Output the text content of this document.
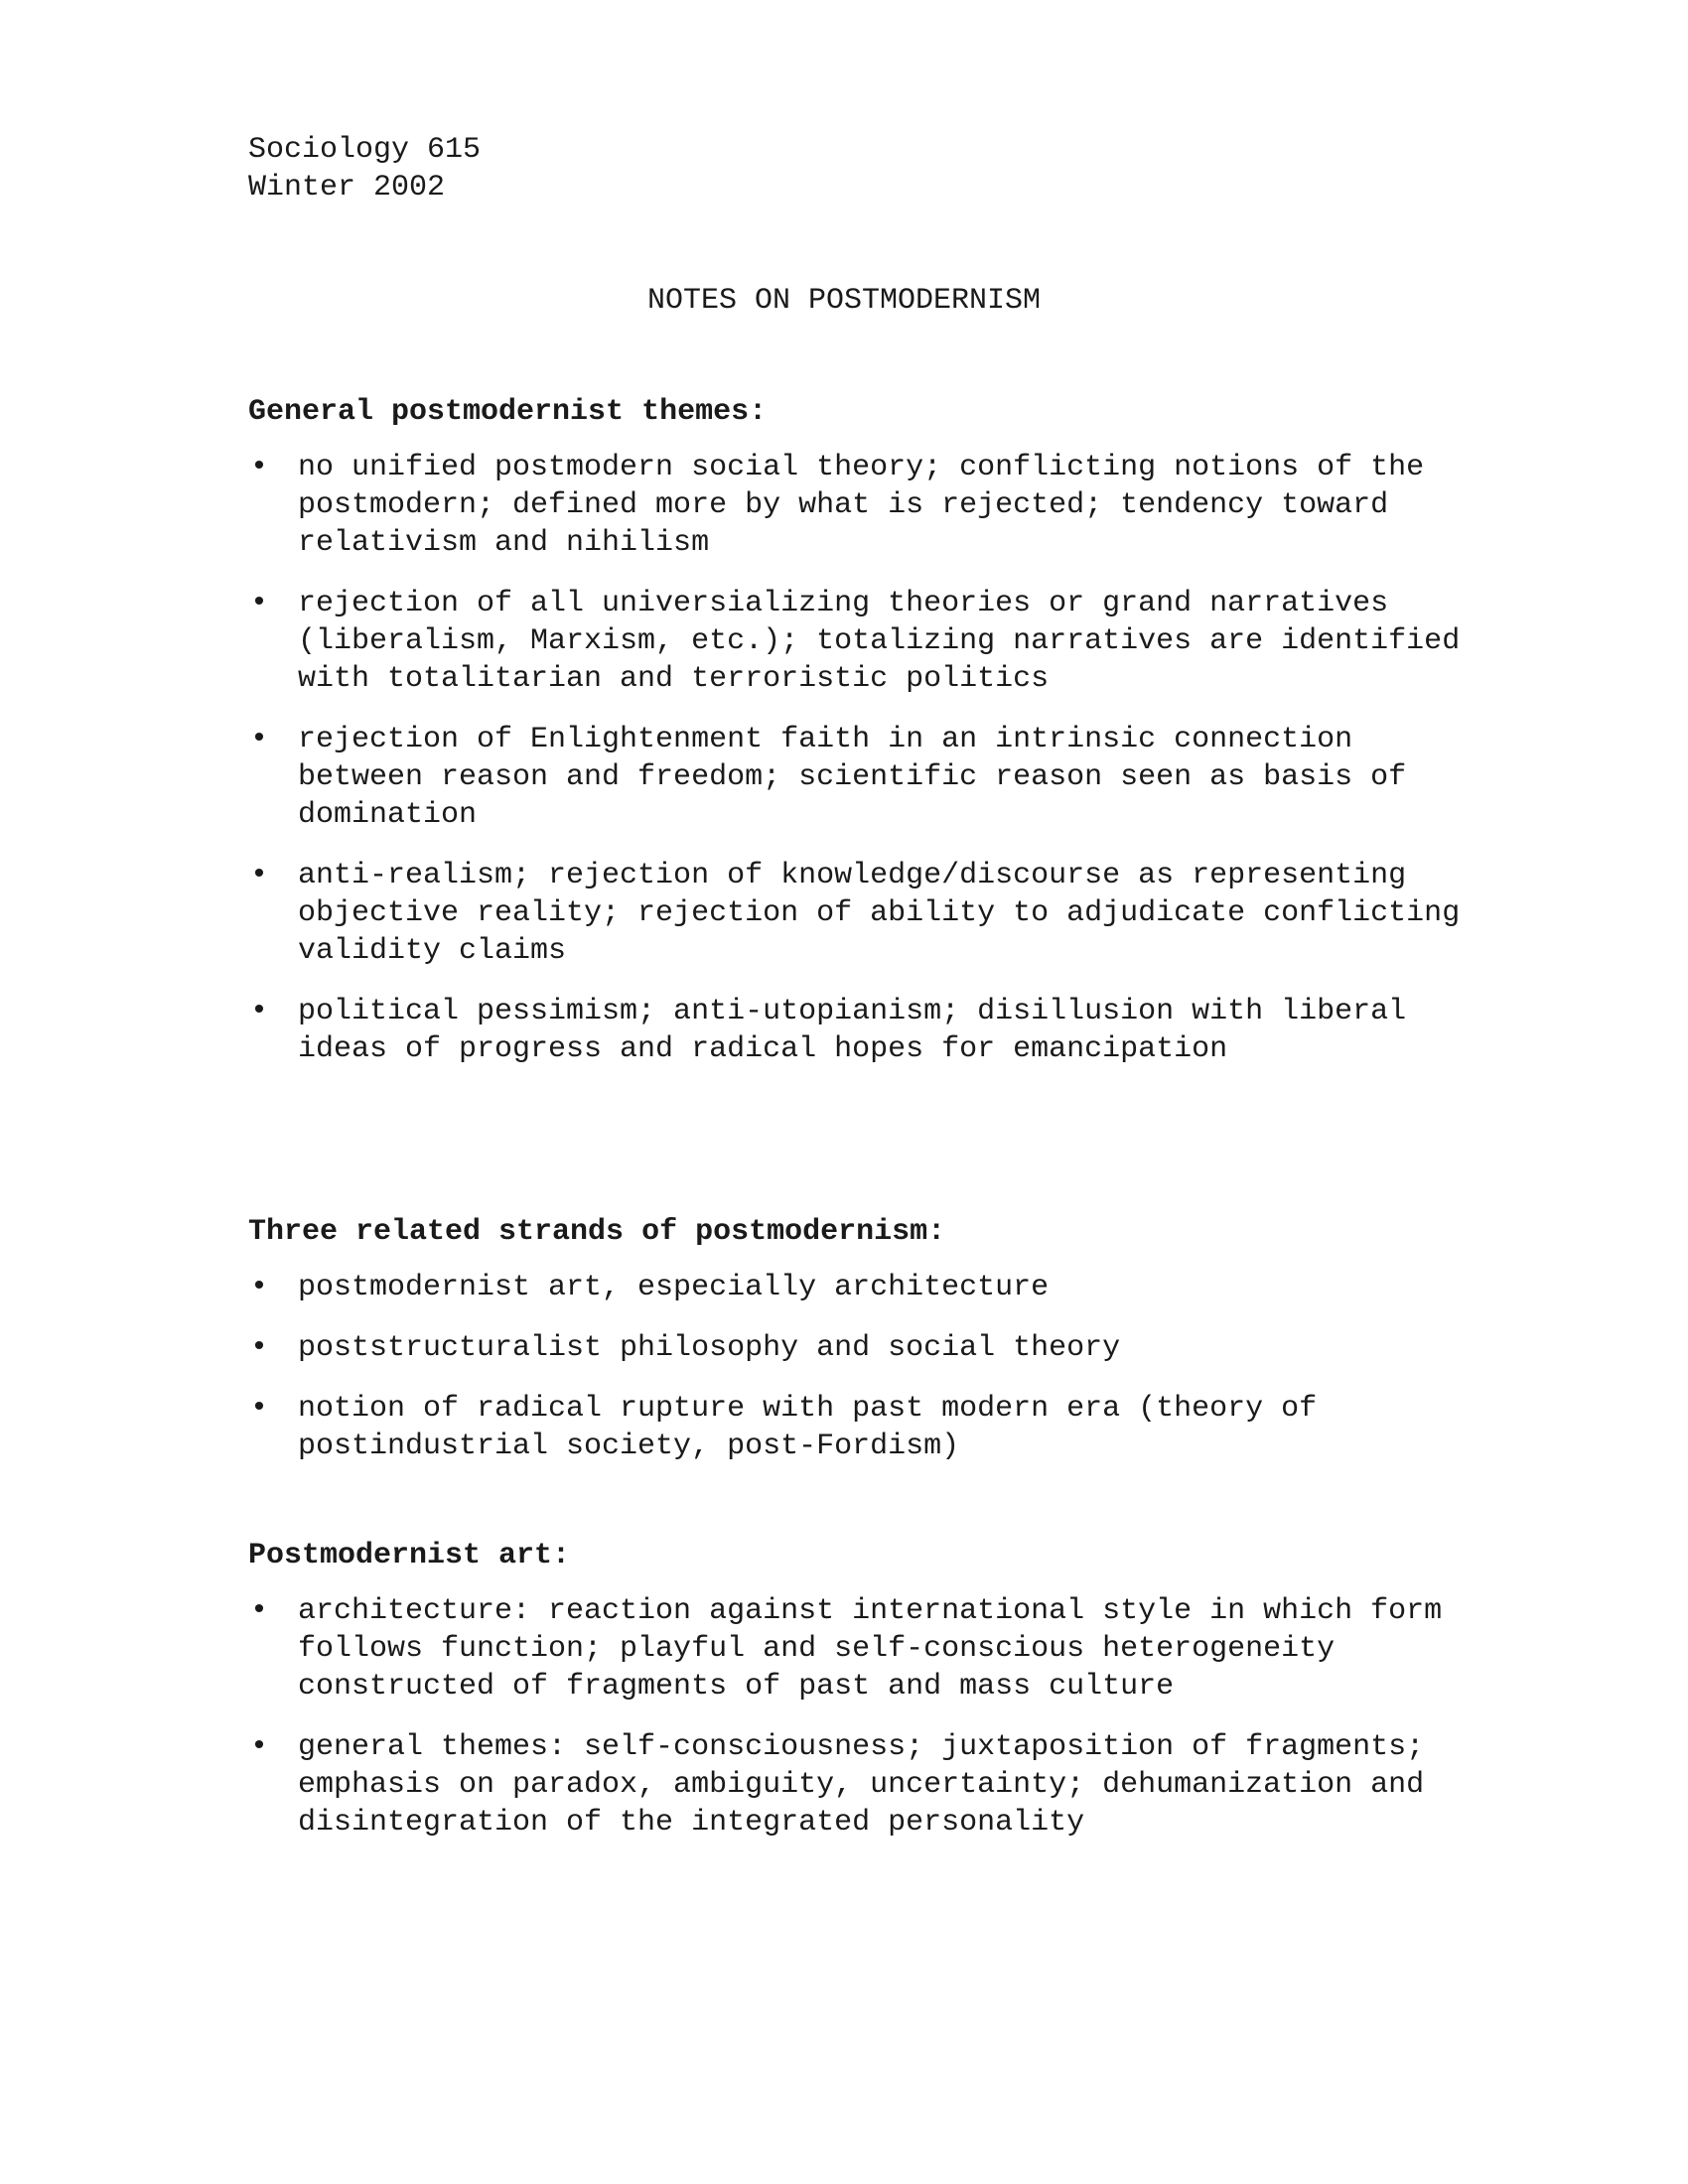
Sociology 615
Winter 2002
NOTES ON POSTMODERNISM
General postmodernist themes:
• no unified postmodern social theory; conflicting notions of the postmodern; defined more by what is rejected; tendency toward relativism and nihilism
• rejection of all universializing theories or grand narratives (liberalism, Marxism, etc.); totalizing narratives are identified with totalitarian and terroristic politics
• rejection of Enlightenment faith in an intrinsic connection between reason and freedom; scientific reason seen as basis of domination
• anti-realism; rejection of knowledge/discourse as representing objective reality; rejection of ability to adjudicate conflicting validity claims
• political pessimism; anti-utopianism; disillusion with liberal ideas of progress and radical hopes for emancipation
Three related strands of postmodernism:
• postmodernist art, especially architecture
• poststructuralist philosophy and social theory
• notion of radical rupture with past modern era (theory of postindustrial society, post-Fordism)
Postmodernist art:
• architecture: reaction against international style in which form follows function; playful and self-conscious heterogeneity constructed of fragments of past and mass culture
• general themes: self-consciousness; juxtaposition of fragments; emphasis on paradox, ambiguity, uncertainty; dehumanization and disintegration of the integrated personality
